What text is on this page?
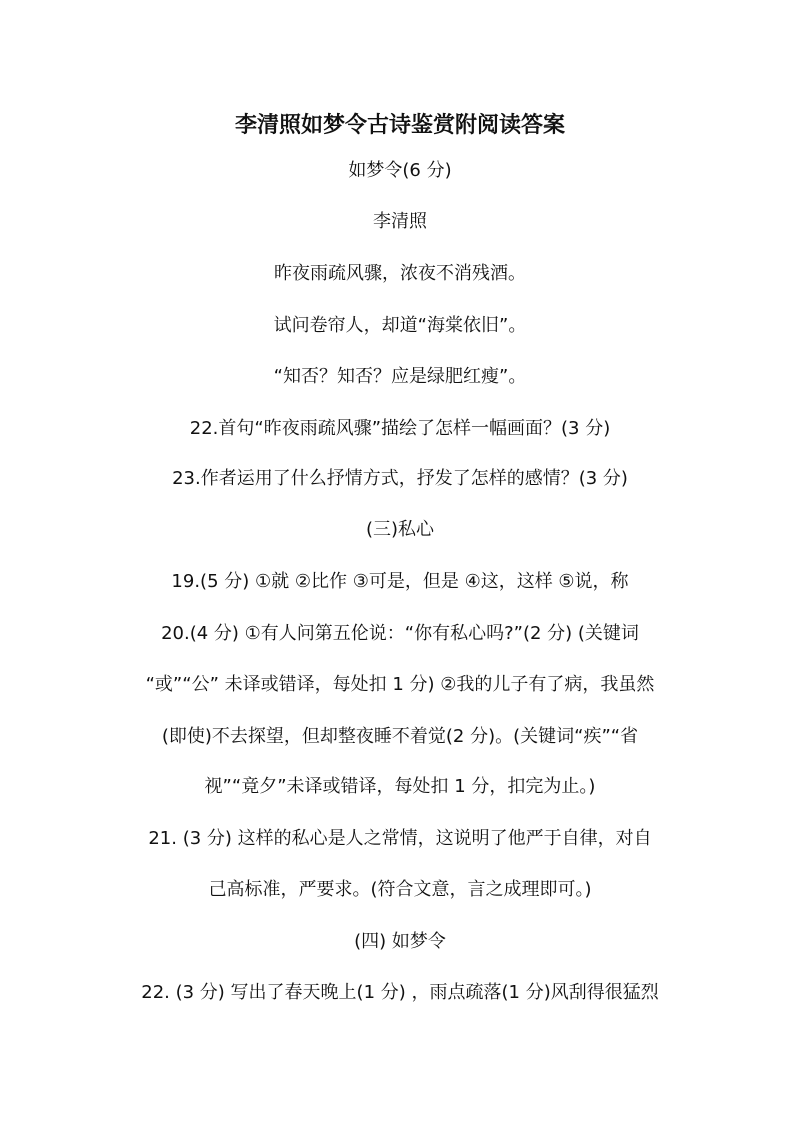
李清照如梦令古诗鉴赏附阅读答案
如梦令(6 分)
李清照
昨夜雨疏风骤，浓夜不消残酒。
试问卷帘人，却道“海棠依旧”。
“知否？知否？应是绿肥红瘦”。
22.首句“昨夜雨疏风骤”描绘了怎样一幅画面？(3 分)
23.作者运用了什么抒情方式，抒发了怎样的感情？(3 分)
(三)私心
19.(5 分) ①就 ②比作 ③可是，但是 ④这，这样 ⑤说，称
20.(4 分) ①有人问第五伦说：“你有私心吗?”(2 分) (关键词
“或”“公” 未译或错译，每处扣 1 分) ②我的儿子有了病，我虽然
(即使)不去探望，但却整夜睡不着觉(2 分)。(关键词“疾”“省
视”“竟夕”未译或错译，每处扣 1 分，扣完为止。)
21. (3 分) 这样的私心是人之常情，这说明了他严于自律，对自
己高标准，严要求。(符合文意，言之成理即可。)
(四) 如梦令
22. (3 分) 写出了春天晚上(1 分) ，雨点疏落(1 分)风刮得很猛烈
